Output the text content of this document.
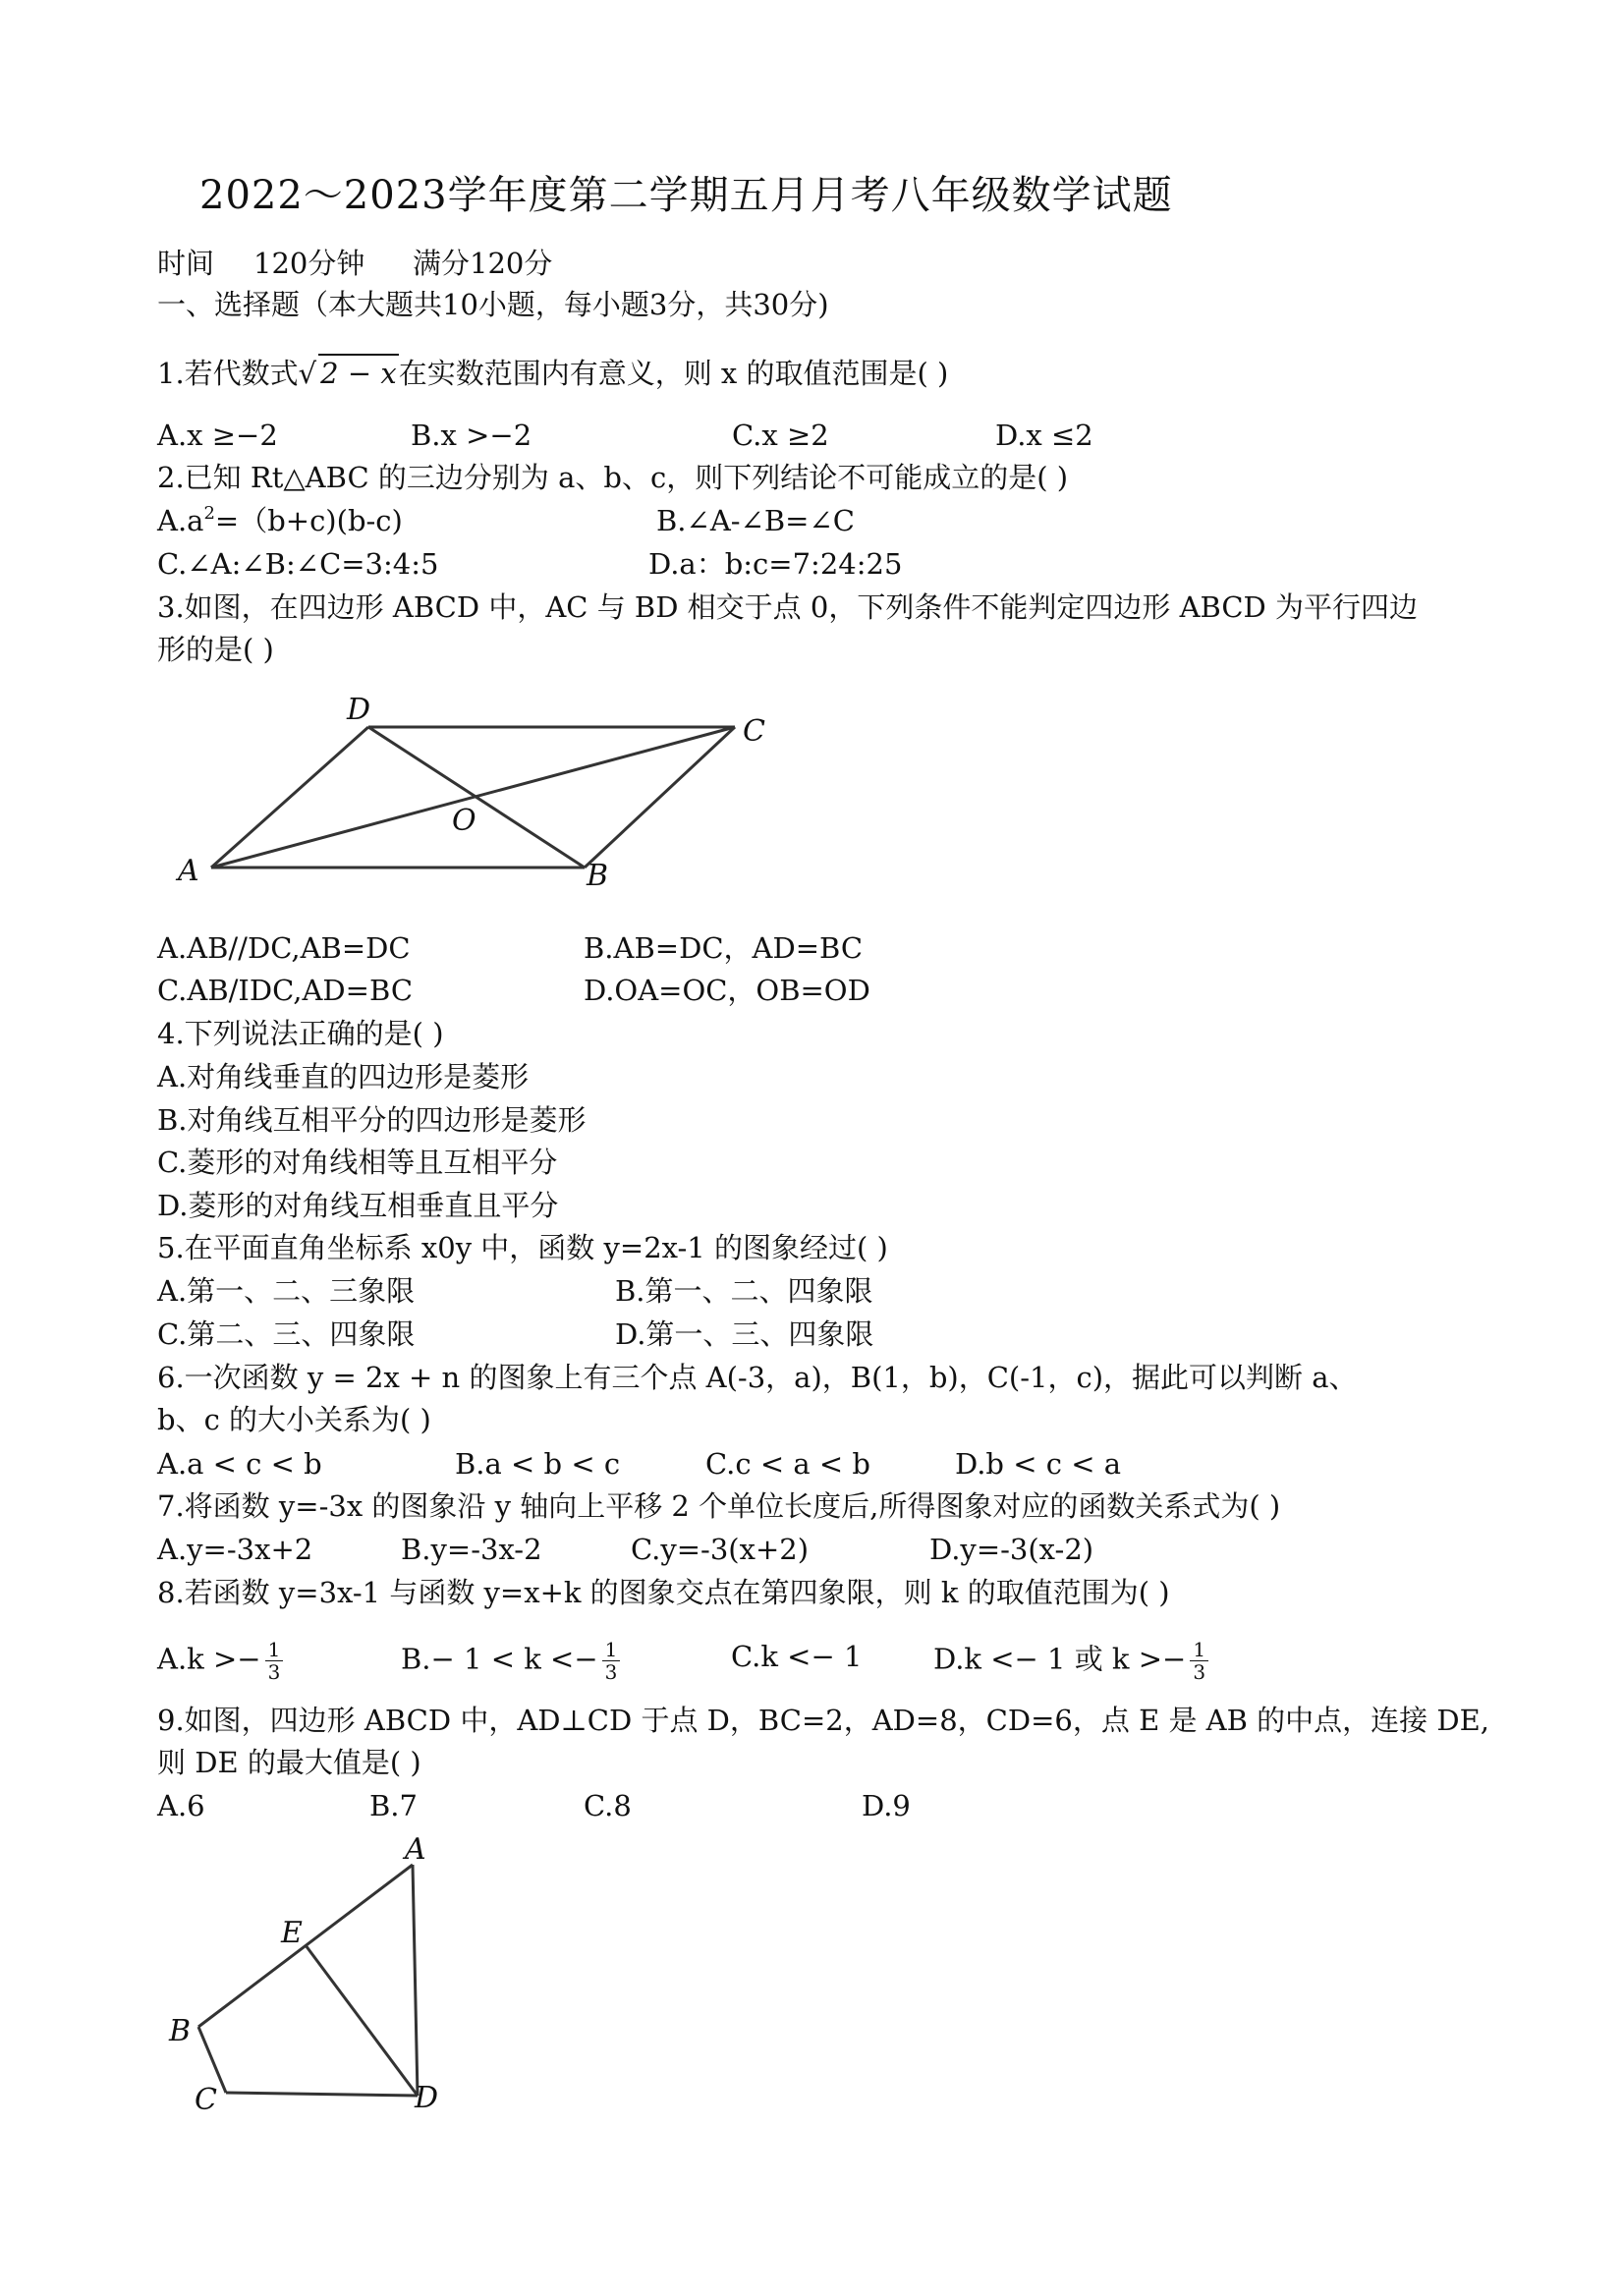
2022～2023学年度第二学期五月月考八年级数学试题
时间 120分钟 满分120分
一、选择题（本大题共10小题，每小题3分，共30分)
1.若代数式√ 2 − x在实数范围内有意义，则 x 的取值范围是( )
A.x ≥−2	B.x >−2	C.x ≥2	D.x ≤2
2.已知 Rt△ABC 的三边分别为 a、b、c，则下列结论不可能成立的是( )
$A.a^2=(b+c)(b-c)$	B.∠A-∠B=∠C
C.∠A:∠B:∠C=3:4:5	D.a：b:c=7:24:25
3.如图，在四边形 ABCD 中，AC 与 BD 相交于点 0，下列条件不能判定四边形 ABCD 为平行四边
形的是( )
D
C
O
A	B
A.AB//DC,AB=DC	B.AB=DC，AD=BC
C.AB/IDC,AD=BC	D.OA=OC，OB=OD
4.下列说法正确的是( )
A.对角线垂直的四边形是菱形
B.对角线互相平分的四边形是菱形
C.菱形的对角线相等且互相平分
D.菱形的对角线互相垂直且平分
5.在平面直角坐标系 x0y 中，函数 y=2x-1 的图象经过( )
A.第一、二、三象限	B.第一、二、四象限
C.第二、三、四象限	D.第一、三、四象限
6.一次函数 y = 2x + n 的图象上有三个点 A(-3，a)，B(1，b)，C(-1，c)，据此可以判断 a、
b、c 的大小关系为( )
A.a < c < b	B.a < b < c	C.c < a < b	D.b < c < a
7.将函数 y=-3x 的图象沿 y 轴向上平移 2 个单位长度后,所得图象对应的函数关系式为( )
A.y=-3x+2	B.y=-3x-2	C.y=-3(x+2)	D.y=-3(x-2)
8.若函数 y=3x-1 与函数 y=x+k 的图象交点在第四象限，则 k 的取值范围为( )
$A.k >- \frac{1}{3}$	$B.- 1 < k <- \frac{1}{3}$	C.k <− 1	D.k <− 1 或 $k >- \frac{1}{3}$
9.如图，四边形 ABCD 中，AD⊥CD 于点 D，BC=2，AD=8，CD=6，点 E 是 AB 的中点，连接 DE,
则 DE 的最大值是( )
A.6	B.7	C.8	D.9
A
E
B
C	D
